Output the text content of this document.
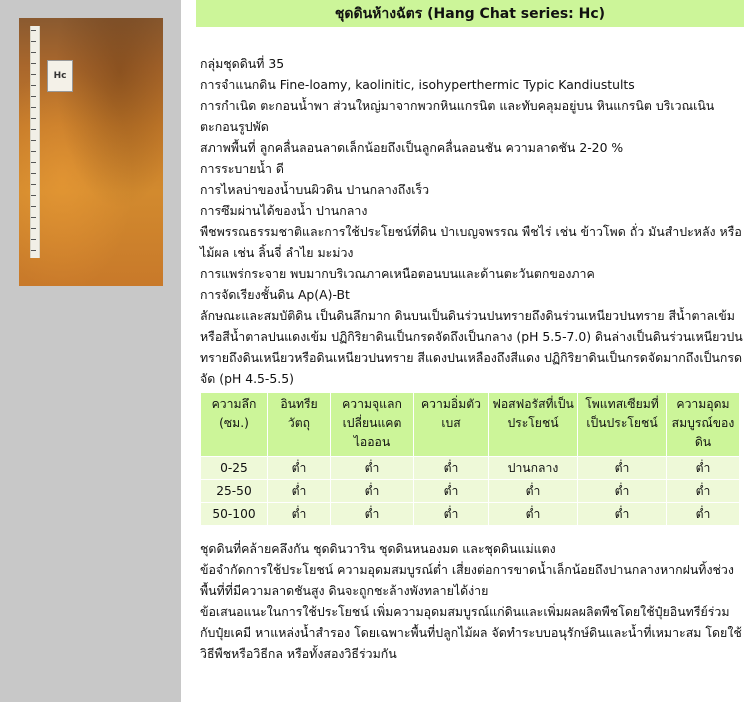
Hc
ชุดดินห้างฉัตร (Hang Chat series: Hc)

กลุ่มชุดดินที่ 35

การจำแนกดิน Fine-loamy, kaolinitic, isohyperthermic Typic Kandiustults

การกำเนิด ตะกอนน้ำพา ส่วนใหญ่มาจากพวกหินแกรนิต และทับคลุมอยู่บน หินแกรนิต บริเวณเนินตะกอนรูปพัด

สภาพพื้นที่ ลูกคลื่นลอนลาดเล็กน้อยถึงเป็นลูกคลื่นลอนชัน ความลาดชัน 2-20 %

การระบายน้ำ ดี

การไหลบ่าของน้ำบนผิวดิน ปานกลางถึงเร็ว

การซึมผ่านได้ของน้ำ ปานกลาง

พืชพรรณธรรมชาติและการใช้ประโยชน์ที่ดิน ป่าเบญจพรรณ พืชไร่ เช่น ข้าวโพด ถั่ว มันสำปะหลัง หรือไม้ผล เช่น ลิ้นจี่ ลำไย มะม่วง

การแพร่กระจาย พบมากบริเวณภาคเหนือตอนบนและด้านตะวันตกของภาค

การจัดเรียงชั้นดิน Ap(A)-Bt

ลักษณะและสมบัติดิน เป็นดินลึกมาก ดินบนเป็นดินร่วนปนทรายถึงดินร่วนเหนียวปนทราย สีน้ำตาลเข้ม หรือสีน้ำตาลปนแดงเข้ม ปฏิกิริยาดินเป็นกรดจัดถึงเป็นกลาง (pH 5.5-7.0) ดินล่างเป็นดินร่วนเหนียวปนทรายถึงดินเหนียวหรือดินเหนียวปนทราย สีแดงปนเหลืองถึงสีแดง ปฏิกิริยาดินเป็นกรดจัดมากถึงเป็นกรดจัด (pH 4.5-5.5)

ความลึก (ซม.)	อินทรียวัตถุ	ความจุแลกเปลี่ยนแคตไอออน	ความอิ่มตัวเบส	ฟอสฟอรัสที่เป็นประโยชน์	โพแทสเซียมที่เป็นประโยชน์	ความอุดมสมบูรณ์ของดิน
0-25	ต่ำ	ต่ำ	ต่ำ	ปานกลาง	ต่ำ	ต่ำ
25-50	ต่ำ	ต่ำ	ต่ำ	ต่ำ	ต่ำ	ต่ำ
50-100	ต่ำ	ต่ำ	ต่ำ	ต่ำ	ต่ำ	ต่ำ

ชุดดินที่คล้ายคลึงกัน ชุดดินวาริน ชุดดินหนองมด และชุดดินแม่แตง

ข้อจำกัดการใช้ประโยชน์ ความอุดมสมบูรณ์ต่ำ เสี่ยงต่อการขาดน้ำเล็กน้อยถึงปานกลางหากฝนทิ้งช่วง พื้นที่ที่มีความลาดชันสูง ดินจะถูกชะล้างพังทลายได้ง่าย

ข้อเสนอแนะในการใช้ประโยชน์ เพิ่มความอุดมสมบูรณ์แก่ดินและเพิ่มผลผลิตพืชโดยใช้ปุ๋ยอินทรีย์ร่วมกับปุ๋ยเคมี หาแหล่งน้ำสำรอง โดยเฉพาะพื้นที่ปลูกไม้ผล จัดทำระบบอนุรักษ์ดินและน้ำที่เหมาะสม โดยใช้วิธีพืชหรือวิธีกล หรือทั้งสองวิธีร่วมกัน
